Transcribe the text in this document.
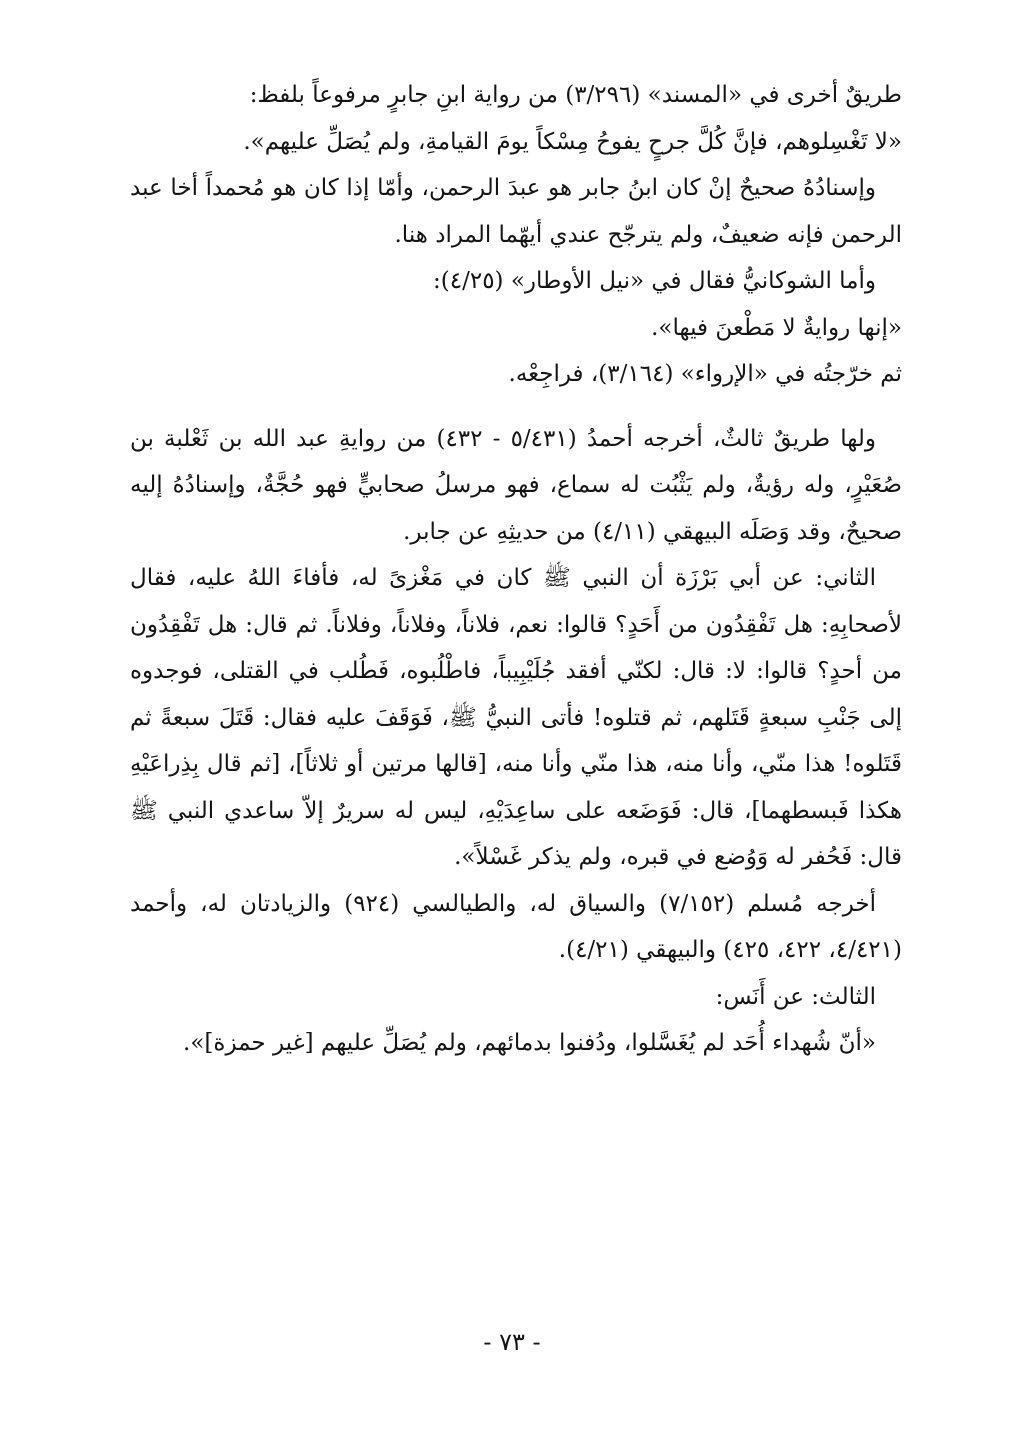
طريقٌ أخرى في «المسند» (٣/٢٩٦) من رواية ابنِ جابرٍ مرفوعاً بلفظ:

«لا تَغْسِلوهم، فإنَّ كُلَّ جرحٍ يفوحُ مِسْكاً يومَ القيامةِ، ولم يُصَلِّ عليهم».

وإسنادُهُ صحيحٌ إنْ كان ابنُ جابر هو عبدَ الرحمن، وأمّا إذا كان هو مُحمداً أخا عبد الرحمن فإنه ضعيفٌ، ولم يترجّح عندي أيهّما المراد هنا.

وأما الشوكانيُّ فقال في «نيل الأوطار» (٤/٢٥):

«إنها روايةٌ لا مَطْعنَ فيها».

ثم خرّجتُه في «الإرواء» (٣/١٦٤)، فراجِعْه.

ولها طريقٌ ثالثٌ، أخرجه أحمدُ (٥/٤٣١ - ٤٣٢) من روايةِ عبد الله بن ثَعْلبة بن صُعَيْرٍ، وله رؤيةٌ، ولم يَثْبُت له سماع، فهو مرسلُ صحابيٍّ فهو حُجَّةٌ، وإسنادُهُ إليه صحيحٌ، وقد وَصَلَه البيهقي (٤/١١) من حديثِهِ عن جابر.

الثاني: عن أبي بَرْزَة أن النبي ﷺ كان في مَغْزىً له، فأفاءَ اللهُ عليه، فقال لأصحابِهِ: هل تَفْقِدُون من أَحَدٍ؟ قالوا: نعم، فلاناً، وفلاناً، وفلاناً. ثم قال: هل تَفْقِدُون من أحدٍ؟ قالوا: لا: قال: لكنّي أفقد جُلَيْبِيباً، فاطْلُبوه، فَطُلب في القتلى، فوجدوه إلى جَنْبِ سبعةٍ قَتَلهم، ثم قتلوه! فأتى النبيُّ ﷺ، فَوَقَفَ عليه فقال: قَتَلَ سبعةً ثم قَتَلوه! هذا منّي، وأنا منه، هذا منّي وأنا منه، [قالها مرتين أو ثلاثاً]، [ثم قال بِذِراعَيْهِ هكذا فَبسطهما]، قال: فَوَضَعه على ساعِدَيْهِ، ليس له سريرٌ إلاّ ساعدي النبي ﷺ قال: فَحُفر له وَوُضع في قبره، ولم يذكر غَسْلاً».

أخرجه مُسلم (٧/١٥٢) والسياق له، والطيالسي (٩٢٤) والزيادتان له، وأحمد (٤/٤٢١، ٤٢٢، ٤٢٥) والبيهقي (٤/٢١).

الثالث: عن أَنَس:

«أنّ شُهداء أُحَد لم يُغَسَّلوا، ودُفنوا بدمائهم، ولم يُصَلِّ عليهم [غير حمزة]».

- ٧٣ -
